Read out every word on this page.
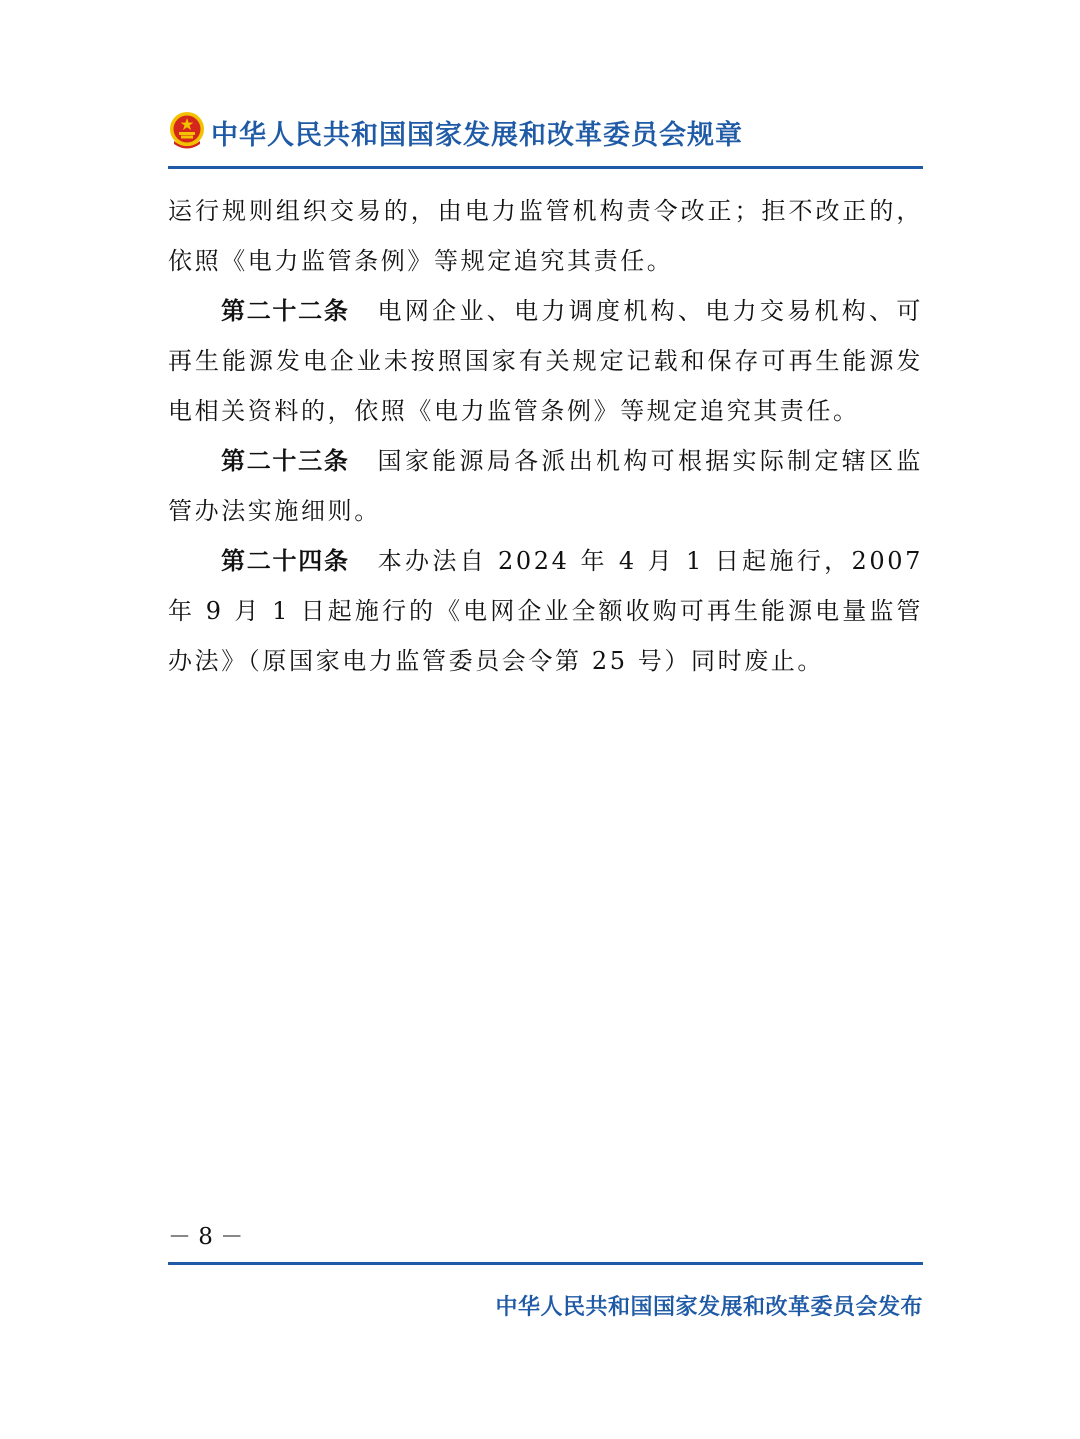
中华人民共和国国家发展和改革委员会规章

运行规则组织交易的，由电力监管机构责令改正；拒不改正的，依照《电力监管条例》等规定追究其责任。

第二十二条 电网企业、电力调度机构、电力交易机构、可再生能源发电企业未按照国家有关规定记载和保存可再生能源发电相关资料的，依照《电力监管条例》等规定追究其责任。

第二十三条 国家能源局各派出机构可根据实际制定辖区监管办法实施细则。

第二十四条 本办法自 2024 年 4 月 1 日起施行，2007 年 9 月 1 日起施行的《电网企业全额收购可再生能源电量监管办法》（原国家电力监管委员会令第 25 号）同时废止。

－ 8 －
中华人民共和国国家发展和改革委员会发布
